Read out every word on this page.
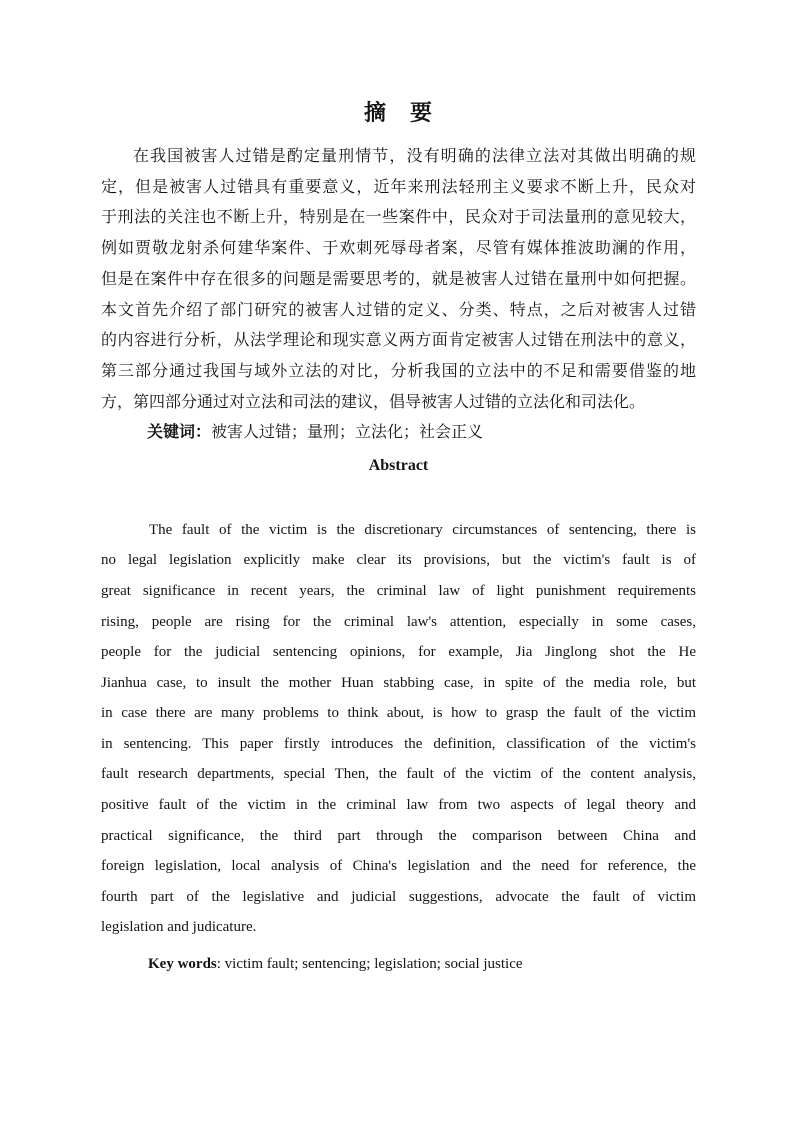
摘　要
在我国被害人过错是酌定量刑情节，没有明确的法律立法对其做出明确的规
定，但是被害人过错具有重要意义，近年来刑法轻刑主义要求不断上升，民众对
于刑法的关注也不断上升，特别是在一些案件中，民众对于司法量刑的意见较大，
例如贾敬龙射杀何建华案件、于欢刺死辱母者案，尽管有媒体推波助澜的作用，
但是在案件中存在很多的问题是需要思考的，就是被害人过错在量刑中如何把握。
本文首先介绍了部门研究的被害人过错的定义、分类、特点，之后对被害人过错
的内容进行分析，从法学理论和现实意义两方面肯定被害人过错在刑法中的意义，
第三部分通过我国与域外立法的对比，分析我国的立法中的不足和需要借鉴的地
方，第四部分通过对立法和司法的建议，倡导被害人过错的立法化和司法化。
关键词：被害人过错；量刑；立法化；社会正义
Abstract
The fault of the victim is the discretionary circumstances of sentencing, there is
no legal legislation explicitly make clear its provisions, but the victim's fault is of
great significance in recent years, the criminal law of light punishment requirements
rising, people are rising for the criminal law's attention, especially in some cases,
people for the judicial sentencing opinions, for example, Jia Jinglong shot the He
Jianhua case, to insult the mother Huan stabbing case, in spite of the media role, but
in case there are many problems to think about, is how to grasp the fault of the victim
in sentencing. This paper firstly introduces the definition, classification of the victim's
fault research departments, special Then, the fault of the victim of the content analysis,
positive fault of the victim in the criminal law from two aspects of legal theory and
practical significance, the third part through the comparison between China and
foreign legislation, local analysis of China's legislation and the need for reference, the
fourth part of the legislative and judicial suggestions, advocate the fault of victim
legislation and judicature.
Key words: victim fault; sentencing; legislation; social justice
